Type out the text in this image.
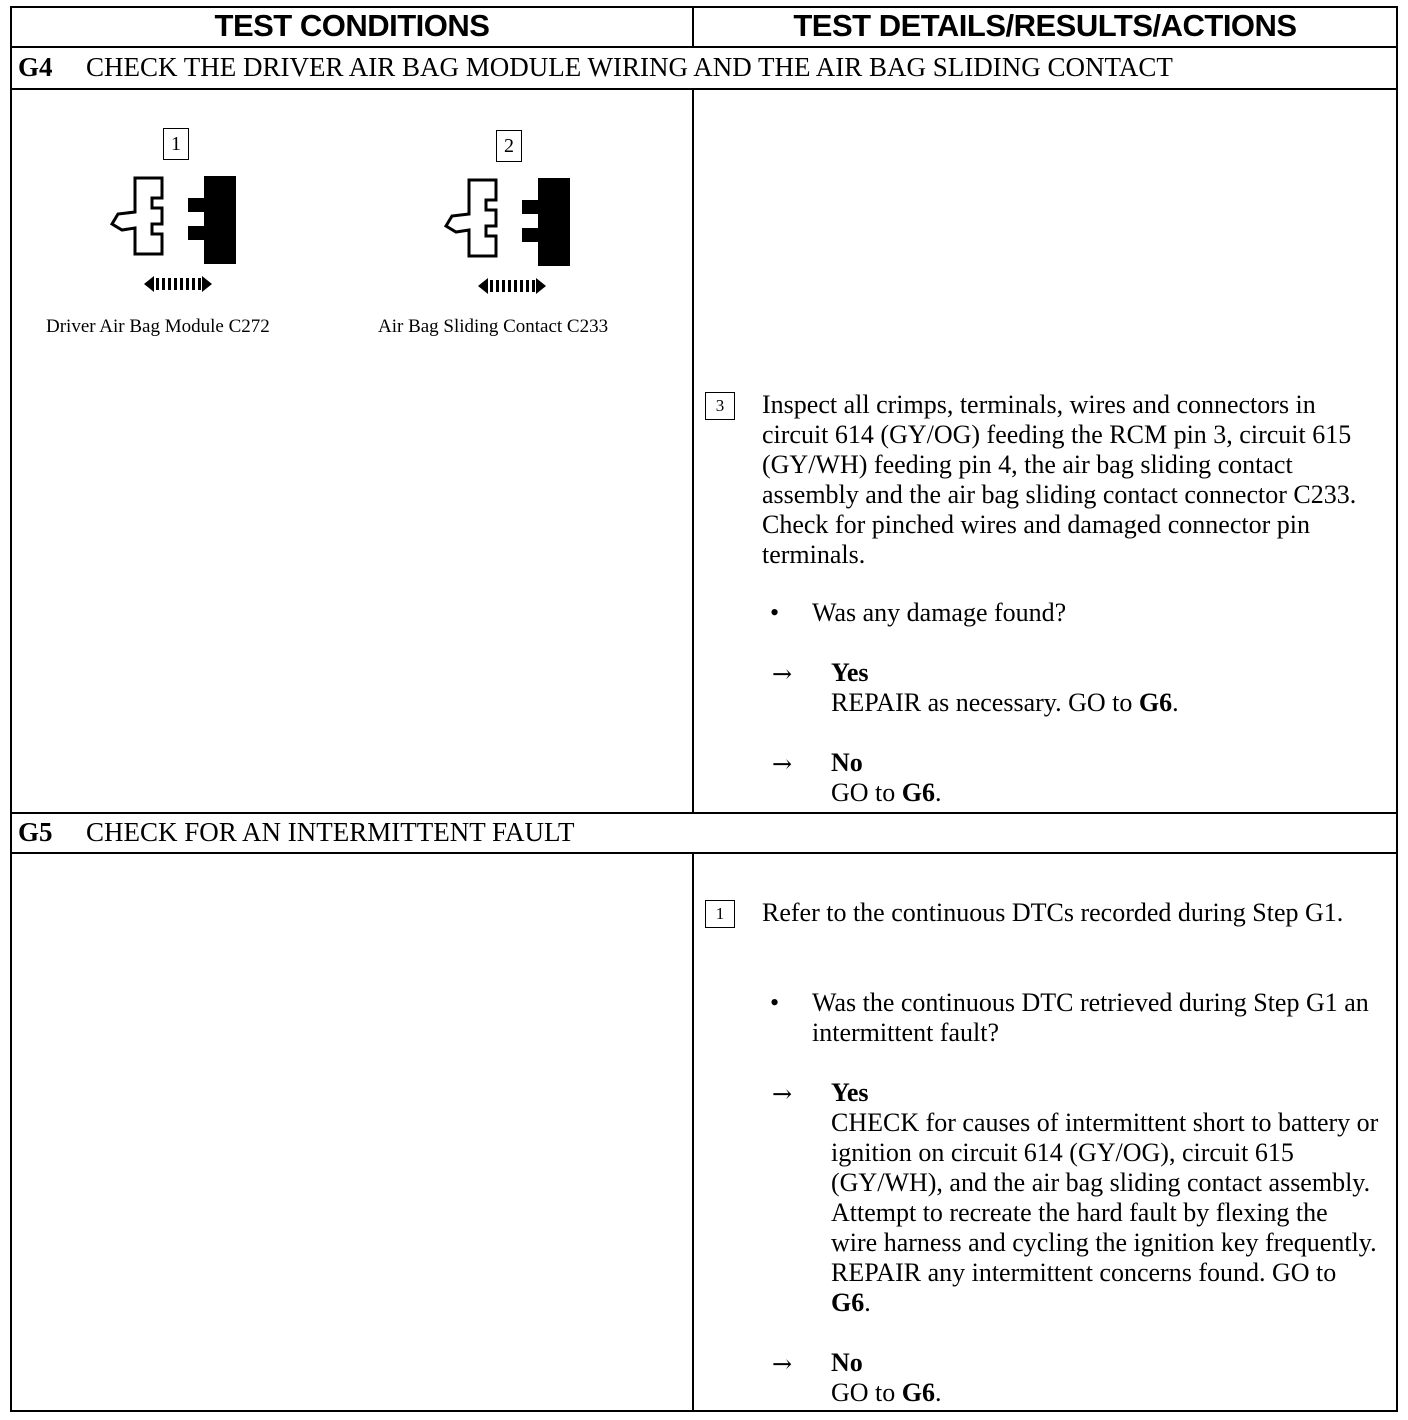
TEST CONDITIONS	TEST DETAILS/RESULTS/ACTIONS
G4 CHECK THE DRIVER AIR BAG MODULE WIRING AND THE AIR BAG SLIDING CONTACT
1
Driver Air Bag Module C272
2
Air Bag Sliding Contact C233
3	Inspect all crimps, terminals, wires and connectors in circuit 614 (GY/OG) feeding the RCM pin 3, circuit 615 (GY/WH) feeding pin 4, the air bag sliding contact assembly and the air bag sliding contact connector C233. Check for pinched wires and damaged connector pin terminals.
• Was any damage found?
→ Yes
REPAIR as necessary. GO to G6.
→ No
GO to G6.
G5 CHECK FOR AN INTERMITTENT FAULT
1	Refer to the continuous DTCs recorded during Step G1.
• Was the continuous DTC retrieved during Step G1 an intermittent fault?
→ Yes
CHECK for causes of intermittent short to battery or ignition on circuit 614 (GY/OG), circuit 615 (GY/WH), and the air bag sliding contact assembly. Attempt to recreate the hard fault by flexing the wire harness and cycling the ignition key frequently. REPAIR any intermittent concerns found. GO to G6.
→ No
GO to G6.
